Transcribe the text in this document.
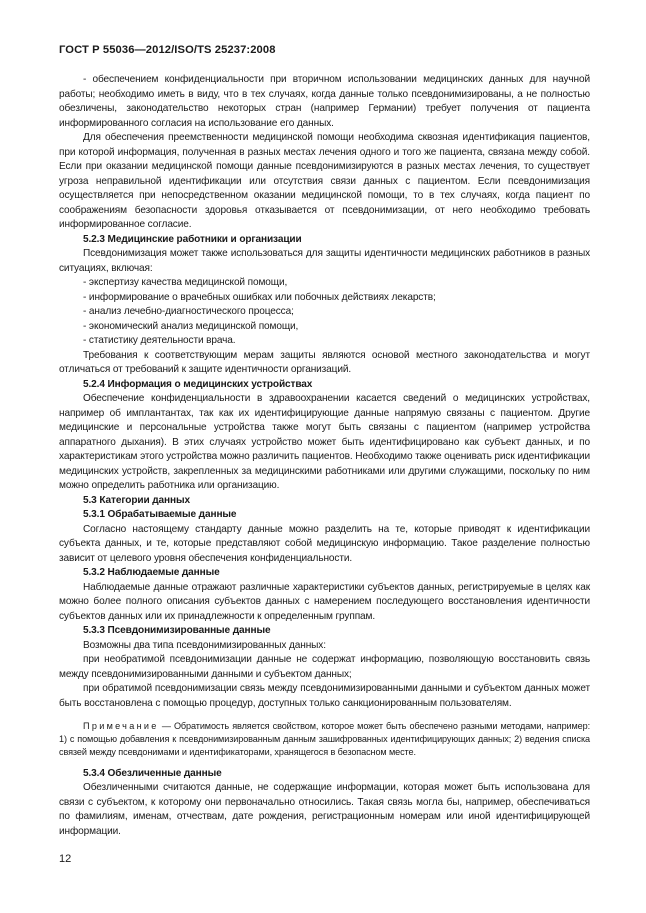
ГОСТ Р 55036—2012/ISO/TS 25237:2008

- обеспечением конфиденциальности при вторичном использовании медицинских данных для научной работы; необходимо иметь в виду, что в тех случаях, когда данные только псевдонимизированы, а не полностью обезличены, законодательство некоторых стран (например Германии) требует получения от пациента информированного согласия на использование его данных.

Для обеспечения преемственности медицинской помощи необходима сквозная идентификация пациентов, при которой информация, полученная в разных местах лечения одного и того же пациента, связана между собой. Если при оказании медицинской помощи данные псевдонимизируются в разных местах лечения, то существует угроза неправильной идентификации или отсутствия связи данных с пациентом. Если псевдонимизация осуществляется при непосредственном оказании медицинской помощи, то в тех случаях, когда пациент по соображениям безопасности здоровья отказывается от псевдонимизации, от него необходимо требовать информированное согласие.

5.2.3 Медицинские работники и организации

Псевдонимизация может также использоваться для защиты идентичности медицинских работников в разных ситуациях, включая:

- экспертизу качества медицинской помощи,

- информирование о врачебных ошибках или побочных действиях лекарств;

- анализ лечебно-диагностического процесса;

- экономический анализ медицинской помощи,

- статистику деятельности врача.

Требования к соответствующим мерам защиты являются основой местного законодательства и могут отличаться от требований к защите идентичности организаций.

5.2.4 Информация о медицинских устройствах

Обеспечение конфиденциальности в здравоохранении касается сведений о медицинских устройствах, например об имплантантах, так как их идентифицирующие данные напрямую связаны с пациентом. Другие медицинские и персональные устройства также могут быть связаны с пациентом (например устройства аппаратного дыхания). В этих случаях устройство может быть идентифицировано как субъект данных, и по характеристикам этого устройства можно различить пациентов. Необходимо также оценивать риск идентификации медицинских устройств, закрепленных за медицинскими работниками или другими служащими, поскольку по ним можно определить работника или организацию.

5.3 Категории данных

5.3.1 Обрабатываемые данные

Согласно настоящему стандарту данные можно разделить на те, которые приводят к идентификации субъекта данных, и те, которые представляют собой медицинскую информацию. Такое разделение полностью зависит от целевого уровня обеспечения конфиденциальности.

5.3.2 Наблюдаемые данные

Наблюдаемые данные отражают различные характеристики субъектов данных, регистрируемые в целях как можно более полного описания субъектов данных с намерением последующего восстановления идентичности субъектов данных или их принадлежности к определенным группам.

5.3.3 Псевдонимизированные данные

Возможны два типа псевдонимизированных данных:

при необратимой псевдонимизации данные не содержат информацию, позволяющую восстановить связь между псевдонимизированными данными и субъектом данных;

при обратимой псевдонимизации связь между псевдонимизированными данными и субъектом данных может быть восстановлена с помощью процедур, доступных только санкционированным пользователям.

Примечание — Обратимость является свойством, которое может быть обеспечено разными методами, например: 1) с помощью добавления к псевдонимизированным данным зашифрованных идентифицирующих данных; 2) ведения списка связей между псевдонимами и идентификаторами, хранящегося в безопасном месте.

5.3.4 Обезличенные данные

Обезличенными считаются данные, не содержащие информации, которая может быть использована для связи с субъектом, к которому они первоначально относились. Такая связь могла бы, например, обеспечиваться по фамилиям, именам, отчествам, дате рождения, регистрационным номерам или иной идентифицирующей информации.

12
